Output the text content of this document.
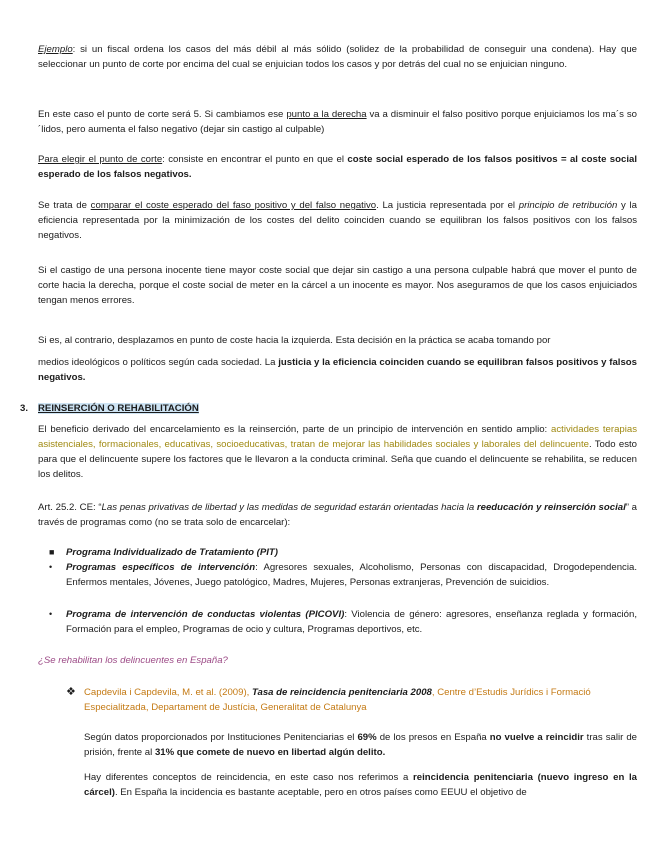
Ejemplo: si un fiscal ordena los casos del más débil al más sólido (solidez de la probabilidad de conseguir una condena). Hay que seleccionar un punto de corte por encima del cual se enjuician todos los casos y por detrás del cual no se enjuician ninguno.

En este caso el punto de corte será 5. Si cambiamos ese punto a la derecha va a disminuir el falso positivo porque enjuiciamos los ma´s so´lidos, pero aumenta el falso negativo (dejar sin castigo al culpable)

Para elegir el punto de corte: consiste en encontrar el punto en que el coste social esperado de los falsos positivos = al coste social esperado de los falsos negativos.

Se trata de comparar el coste esperado del faso positivo y del falso negativo. La justicia representada por el principio de retribución y la eficiencia representada por la minimización de los costes del delito coinciden cuando se equilibran los falsos positivos con los falsos negativos.

Si el castigo de una persona inocente tiene mayor coste social que dejar sin castigo a una persona culpable habrá que mover el punto de corte hacia la derecha, porque el coste social de meter en la cárcel a un inocente es mayor. Nos aseguramos de que los casos enjuiciados tengan menos errores.

Si es, al contrario, desplazamos en punto de coste hacia la izquierda. Esta decisión en la práctica se acaba tomando por

medios ideológicos o políticos según cada sociedad. La justicia y la eficiencia coinciden cuando se equilibran falsos positivos y falsos negativos.

3. REINSERCIÓN O REHABILITACIÓN

El beneficio derivado del encarcelamiento es la reinserción, parte de un principio de intervención en sentido amplio: actividades terapias asistenciales, formacionales, educativas, socioeducativas, tratan de mejorar las habilidades sociales y laborales del delincuente. Todo esto para que el delincuente supere los factores que le llevaron a la conducta criminal. Seña que cuando el delincuente se rehabilita, se reducen los delitos.

Art. 25.2. CE: “Las penas privativas de libertad y las medidas de seguridad estarán orientadas hacia la reeducación y reinserción social” a través de programas como (no se trata solo de encarcelar):

■ Programa Individualizado de Tratamiento (PIT)
• Programas específicos de intervención: Agresores sexuales, Alcoholismo, Personas con discapacidad, Drogodependencia. Enfermos mentales, Jóvenes, Juego patológico, Madres, Mujeres, Personas extranjeras, Prevención de suicidios.
• Programa de intervención de conductas violentas (PICOVI): Violencia de género: agresores, enseñanza reglada y formación, Formación para el empleo, Programas de ocio y cultura, Programas deportivos, etc.

¿Se rehabilitan los delincuentes en España?

❖ Capdevila i Capdevila, M. et al. (2009), Tasa de reincidencia penitenciaria 2008, Centre d’Estudis Jurídics i Formació Especialitzada, Departament de Justícia, Generalitat de Catalunya

Según datos proporcionados por Instituciones Penitenciarias el 69% de los presos en España no vuelve a reincidir tras salir de prisión, frente al 31% que comete de nuevo en libertad algún delito.

Hay diferentes conceptos de reincidencia, en este caso nos referimos a reincidencia penitenciaria (nuevo ingreso en la cárcel). En España la incidencia es bastante aceptable, pero en otros países como EEUU el objetivo de
